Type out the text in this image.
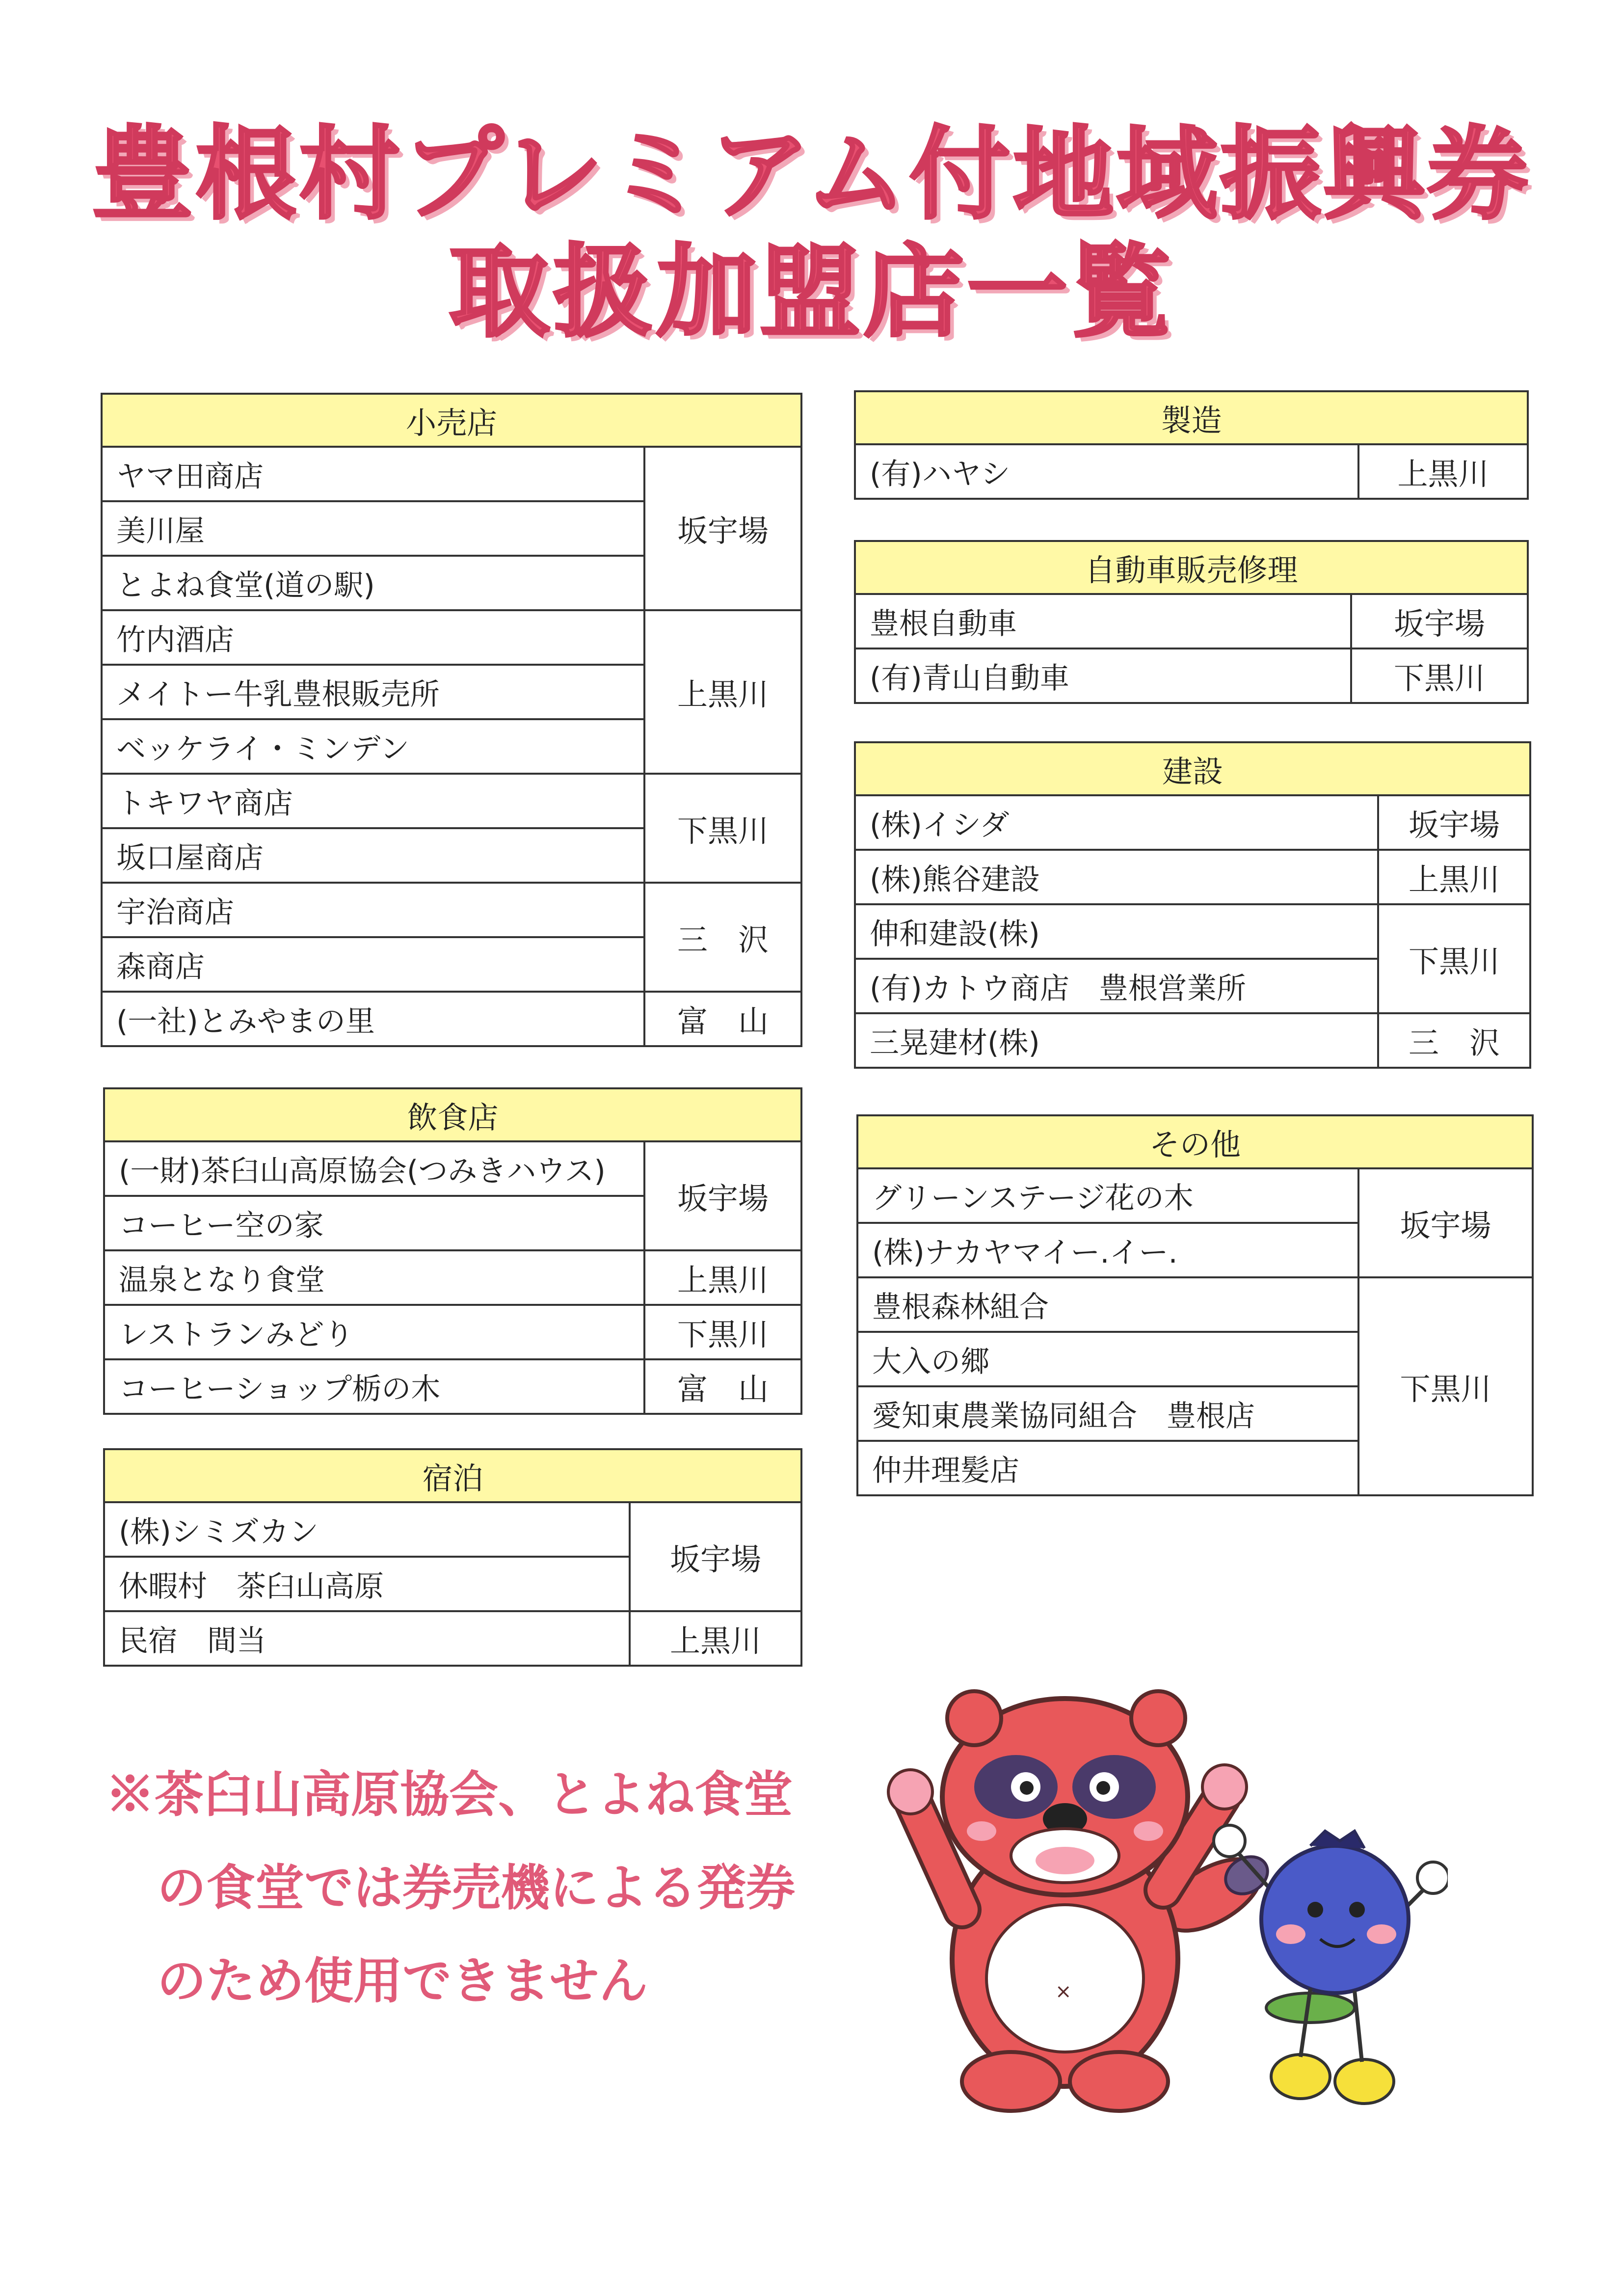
豊根村プレミアム付地域振興券
取扱加盟店一覧
小売店	
ヤマ田商店	坂宇場
美川屋	
とよね食堂(道の駅)	
竹内酒店	上黒川
メイトー牛乳豊根販売所	
ベッケライ・ミンデン	
トキワヤ商店	下黒川
坂口屋商店	
宇治商店	三　沢
森商店	
(一社)とみやまの里	富　山
飲食店	
(一財)茶臼山高原協会(つみきハウス)	坂宇場
コーヒー空の家	
温泉となり食堂	上黒川
レストランみどり	下黒川
コーヒーショップ栃の木	富　山
宿泊	
(株)シミズカン	坂宇場
休暇村　茶臼山高原	
民宿　間当	上黒川
製造
(有)ハヤシ	上黒川
自動車販売修理	
豊根自動車	坂宇場
(有)青山自動車	下黒川
建設	
(株)イシダ	坂宇場
(株)熊谷建設	上黒川
伸和建設(株)	下黒川
(有)カトウ商店　豊根営業所	
三晃建材(株)	三　沢
その他	
グリーンステージ花の木	坂宇場
(株)ナカヤマイー.イー.	
豊根森林組合	下黒川
大入の郷	
愛知東農業協同組合　豊根店	
仲井理髪店	
※茶臼山高原協会、とよね食堂
の食堂では券売機による発券
のため使用できません	×
